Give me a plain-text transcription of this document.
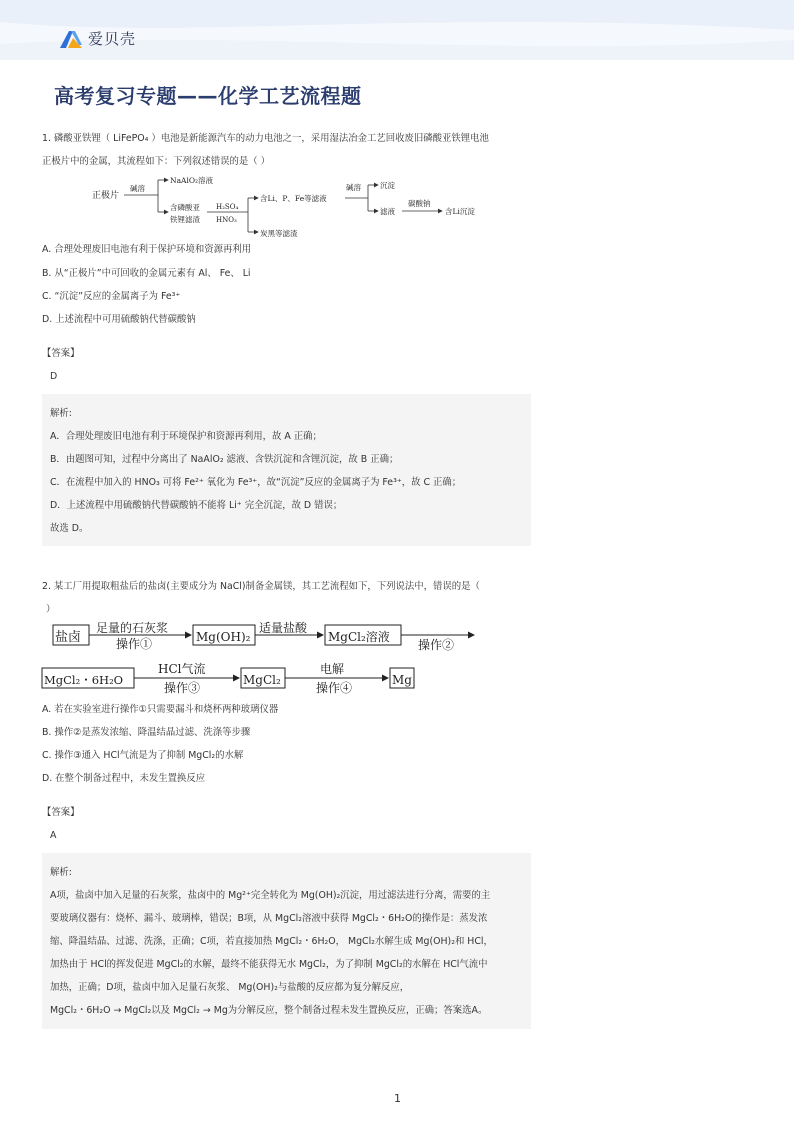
爱贝壳
高考复习专题——化学工艺流程题
1. 磷酸亚铁锂（ LiFePO₄ ）电池是新能源汽车的动力电池之一，采用湿法冶金工艺回收废旧磷酸亚铁锂电池
正极片中的金属，其流程如下：下列叙述错误的是（ ）
正极片
碱溶
NaAlO₂溶液
含磷酸亚
铁锂滤渣
H₂SO₄
HNO₃
含Li、P、Fe等滤液
碱溶	沉淀
滤液
碳酸钠
含Li沉淀
炭黑等滤渣
A. 合理处理废旧电池有利于保护环境和资源再利用
B. 从“正极片”中可回收的金属元素有 Al、 Fe、 Li
C. “沉淀”反应的金属离子为 Fe³⁺
D. 上述流程中可用硫酸钠代替碳酸钠
【答案】
D
解析:
A．合理处理废旧电池有利于环境保护和资源再利用，故 A 正确；
B．由题图可知，过程中分离出了 NaAlO₂ 滤液、含铁沉淀和含锂沉淀，故 B 正确；
C．在流程中加入的 HNO₃ 可将 Fe²⁺ 氧化为 Fe³⁺，故“沉淀”反应的金属离子为 Fe³⁺，故 C 正确；
D．上述流程中用硫酸钠代替碳酸钠不能将 Li⁺ 完全沉淀，故 D 错误；
故选 D。
2. 某工厂用提取粗盐后的盐卤(主要成分为 NaCl)制备金属镁，其工艺流程如下，下列说法中，错误的是（
）
盐卤
足量的石灰浆
操作①	Mg(OH)₂
适量盐酸
MgCl₂溶液
操作②
MgCl₂・6H₂O
HCl气流
操作③
MgCl₂
电解
操作④
Mg
A. 若在实验室进行操作①只需要漏斗和烧杯两种玻璃仪器
B. 操作②是蒸发浓缩、降温结晶过滤、洗涤等步骤
C. 操作③通入 HCl气流是为了抑制 MgCl₂的水解
D. 在整个制备过程中，未发生置换反应
【答案】
A
解析:
A项，盐卤中加入足量的石灰浆，盐卤中的 Mg²⁺完全转化为 Mg(OH)₂沉淀，用过滤法进行分离，需要的主
要玻璃仪器有：烧杯、漏斗、玻璃棒，错误；B项，从 MgCl₂溶液中获得 MgCl₂・6H₂O的操作是：蒸发浓
缩、降温结晶、过滤、洗涤，正确；C项，若直接加热 MgCl₂・6H₂O， MgCl₂水解生成 Mg(OH)₂和 HCl，
加热由于 HCl的挥发促进 MgCl₂的水解，最终不能获得无水 MgCl₂，为了抑制 MgCl₂的水解在 HCl气流中
加热，正确；D项，盐卤中加入足量石灰浆、 Mg(OH)₂与盐酸的反应都为复分解反应，
MgCl₂・6H₂O → MgCl₂以及 MgCl₂ → Mg为分解反应，整个制备过程未发生置换反应，正确；答案选A。
1
